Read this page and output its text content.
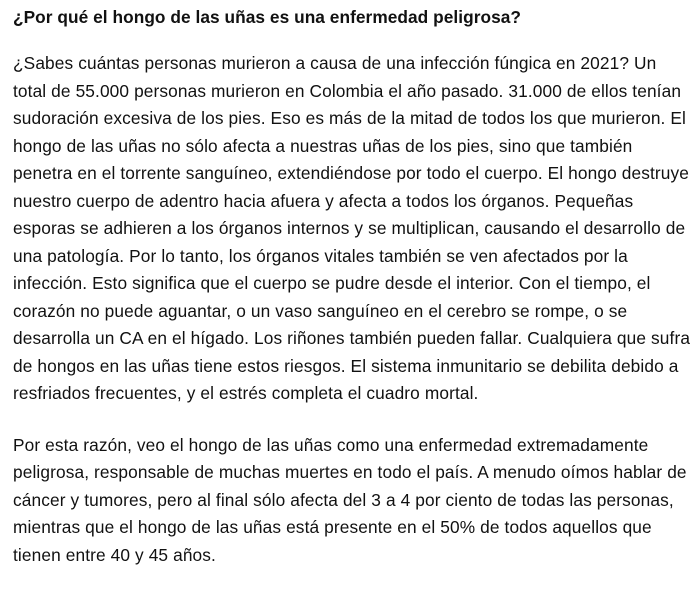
¿Por qué el hongo de las uñas es una enfermedad peligrosa?

¿Sabes cuántas personas murieron a causa de una infección fúngica en 2021? Un total de 55.000 personas murieron en Colombia el año pasado. 31.000 de ellos tenían sudoración excesiva de los pies. Eso es más de la mitad de todos los que murieron. El hongo de las uñas no sólo afecta a nuestras uñas de los pies, sino que también penetra en el torrente sanguíneo, extendiéndose por todo el cuerpo. El hongo destruye nuestro cuerpo de adentro hacia afuera y afecta a todos los órganos. Pequeñas esporas se adhieren a los órganos internos y se multiplican, causando el desarrollo de una patología. Por lo tanto, los órganos vitales también se ven afectados por la infección. Esto significa que el cuerpo se pudre desde el interior. Con el tiempo, el corazón no puede aguantar, o un vaso sanguíneo en el cerebro se rompe, o se desarrolla un CA en el hígado. Los riñones también pueden fallar. Cualquiera que sufra de hongos en las uñas tiene estos riesgos. El sistema inmunitario se debilita debido a resfriados frecuentes, y el estrés completa el cuadro mortal.

Por esta razón, veo el hongo de las uñas como una enfermedad extremadamente peligrosa, responsable de muchas muertes en todo el país. A menudo oímos hablar de cáncer y tumores, pero al final sólo afecta del 3 a 4 por ciento de todas las personas, mientras que el hongo de las uñas está presente en el 50% de todos aquellos que tienen entre 40 y 45 años.
